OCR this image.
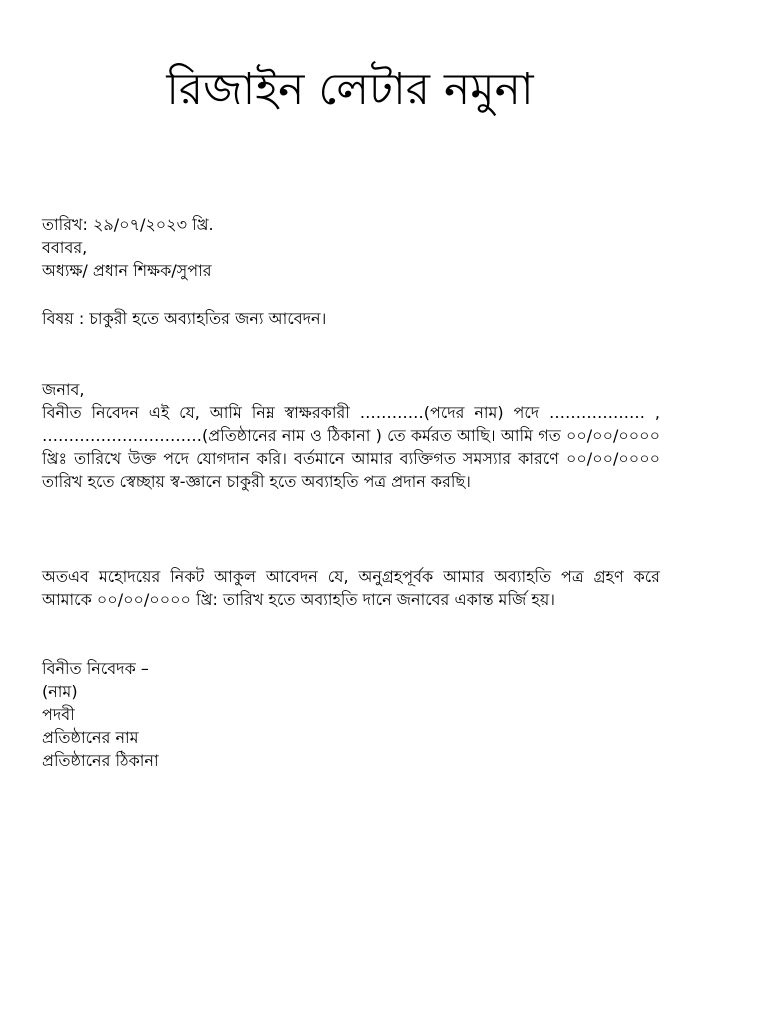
রিজাইন লেটার নমুনা
তারিখ: ২৯/০৭/২০২৩ খ্রি.
ববাবর,
অধ্যক্ষ/ প্রধান শিক্ষক/সুপার
বিষয় : চাকুরী হতে অব্যাহতির জন্য আবেদন।
জনাব,

বিনীত নিবেদন এই যে, আমি নিম্ন স্বাক্ষরকারী …………(পদের নাম) পদে ……………… , …………………………(প্রতিষ্ঠানের নাম ও ঠিকানা ) তে কর্মরত আছি। আমি গত ০০/০০/০০০০ খ্রিঃ তারিখে উক্ত পদে যোগদান করি। বর্তমানে আমার ব্যক্তিগত সমস্যার কারণে ০০/০০/০০০০ তারিখ হতে স্বেচ্ছায় স্ব-জ্ঞানে চাকুরী হতে অব্যাহতি পত্র প্রদান করছি।

অতএব মহোদয়ের নিকট আকুল আবেদন যে, অনুগ্রহপূর্বক আমার অব্যাহতি পত্র গ্রহণ করে আমাকে ০০/০০/০০০০ খ্রি: তারিখ হতে অব্যাহতি দানে জনাবের একান্ত মর্জি হয়।

বিনীত নিবেদক –
(নাম)
পদবী
প্রতিষ্ঠানের নাম
প্রতিষ্ঠানের ঠিকানা
